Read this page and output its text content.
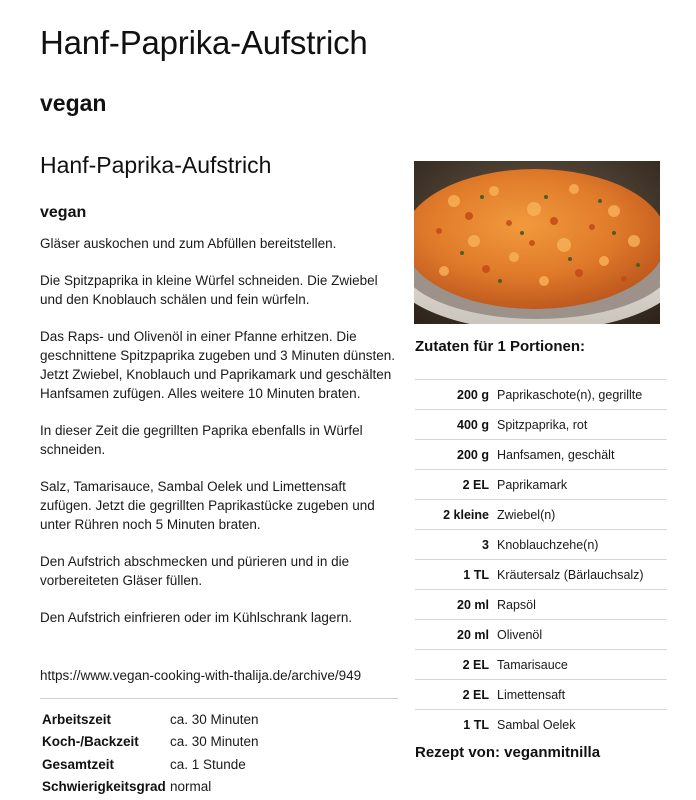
Hanf-Paprika-Aufstrich
vegan
Hanf-Paprika-Aufstrich
vegan

Gläser auskochen und zum Abfüllen bereitstellen.

Die Spitzpaprika in kleine Würfel schneiden. Die Zwiebel und den Knoblauch schälen und fein würfeln.

Das Raps- und Olivenöl in einer Pfanne erhitzen. Die geschnittene Spitzpaprika zugeben und 3 Minuten dünsten. Jetzt Zwiebel, Knoblauch und Paprikamark und geschälten Hanfsamen zufügen. Alles weitere 10 Minuten braten.

In dieser Zeit die gegrillten Paprika ebenfalls in Würfel schneiden.

Salz, Tamarisauce, Sambal Oelek und Limettensaft zufügen. Jetzt die gegrillten Paprikastücke zugeben und unter Rühren noch 5 Minuten braten.

Den Aufstrich abschmecken und pürieren und in die vorbereiteten Gläser füllen.

Den Aufstrich einfrieren oder im Kühlschrank lagern.

https://www.vegan-cooking-with-thalija.de/archive/949
Arbeitszeit	ca. 30 Minuten
Koch-/Backzeit	ca. 30 Minuten
Gesamtzeit	ca. 1 Stunde
Schwierigkeitsgrad normal
Zutaten für 1 Portionen:
200 g Paprikaschote(n), gegrillte
400 g Spitzpaprika, rot
200 g Hanfsamen, geschält
2 EL Paprikamark
2 kleine Zwiebel(n)
3 Knoblauchzehe(n)
1 TL Kräutersalz (Bärlauchsalz)
20 ml Rapsöl
20 ml Olivenöl
2 EL Tamarisauce
2 EL Limettensaft
1 TL Sambal Oelek
Rezept von: veganmitnilla
